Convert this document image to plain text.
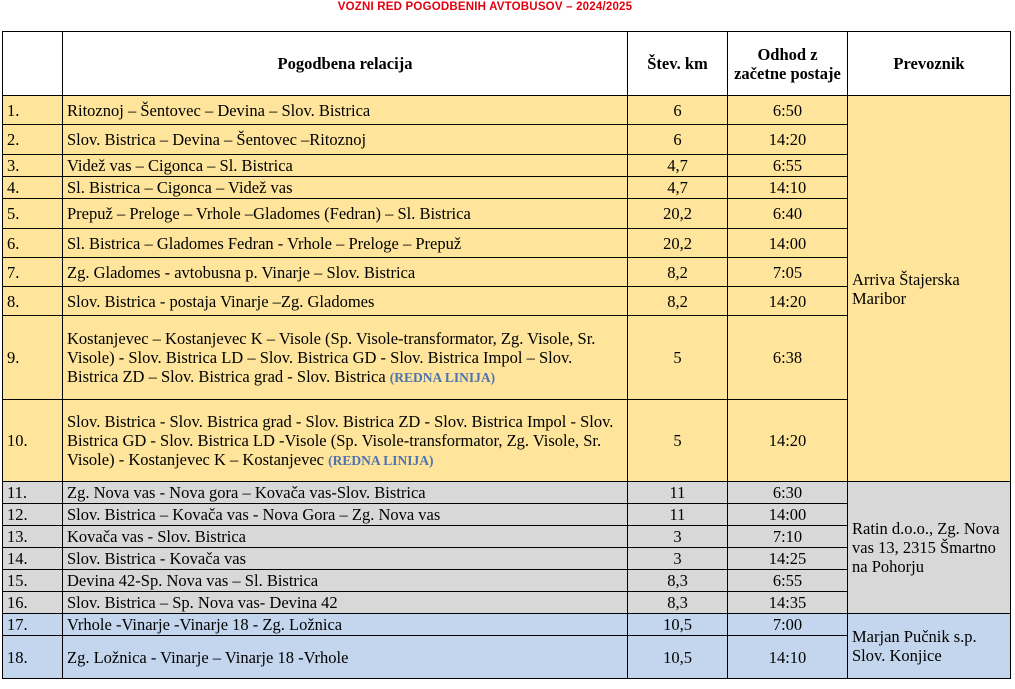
VOZNI RED POGODBENIH AVTOBUSOV – 2024/2025
	Pogodbena relacija	Štev. km	Odhod z začetne postaje	Prevoznik
1.	Ritoznoj – Šentovec – Devina – Slov. Bistrica	6	6:50	Arriva Štajerska Maribor
2.	Slov. Bistrica – Devina – Šentovec –Ritoznoj	6	14:20	
3.	Videž vas – Cigonca – Sl. Bistrica	4,7	6:55	
4.	Sl. Bistrica – Cigonca – Videž vas	4,7	14:10	
5.	Prepuž – Preloge – Vrhole –Gladomes (Fedran) – Sl. Bistrica	20,2	6:40	
6.	Sl. Bistrica – Gladomes Fedran - Vrhole – Preloge – Prepuž	20,2	14:00	
7.	Zg. Gladomes - avtobusna p. Vinarje – Slov. Bistrica	8,2	7:05	
8.	Slov. Bistrica - postaja Vinarje –Zg. Gladomes	8,2	14:20	
9.	Kostanjevec – Kostanjevec K – Visole (Sp. Visole-transformator, Zg. Visole, Sr. Visole) - Slov. Bistrica LD – Slov. Bistrica GD - Slov. Bistrica Impol – Slov. Bistrica ZD – Slov. Bistrica grad - Slov. Bistrica (REDNA LINIJA)	5	6:38	
10.	Slov. Bistrica - Slov. Bistrica grad - Slov. Bistrica ZD - Slov. Bistrica Impol - Slov. Bistrica GD - Slov. Bistrica LD -Visole (Sp. Visole-transformator, Zg. Visole, Sr. Visole) - Kostanjevec K – Kostanjevec (REDNA LINIJA)	5	14:20	
11.	Zg. Nova vas - Nova gora – Kovača vas-Slov. Bistrica	11	6:30	Ratin d.o.o., Zg. Nova vas 13, 2315 Šmartno na Pohorju
12.	Slov. Bistrica – Kovača vas - Nova Gora – Zg. Nova vas	11	14:00	
13.	Kovača vas - Slov. Bistrica	3	7:10	
14.	Slov. Bistrica - Kovača vas	3	14:25	
15.	Devina 42-Sp. Nova vas – Sl. Bistrica	8,3	6:55	
16.	Slov. Bistrica – Sp. Nova vas- Devina 42	8,3	14:35	
17.	Vrhole -Vinarje -Vinarje 18 - Zg. Ložnica	10,5	7:00	Marjan Pučnik s.p. Slov. Konjice
18.	Zg. Ložnica - Vinarje – Vinarje 18 -Vrhole	10,5	14:10	
